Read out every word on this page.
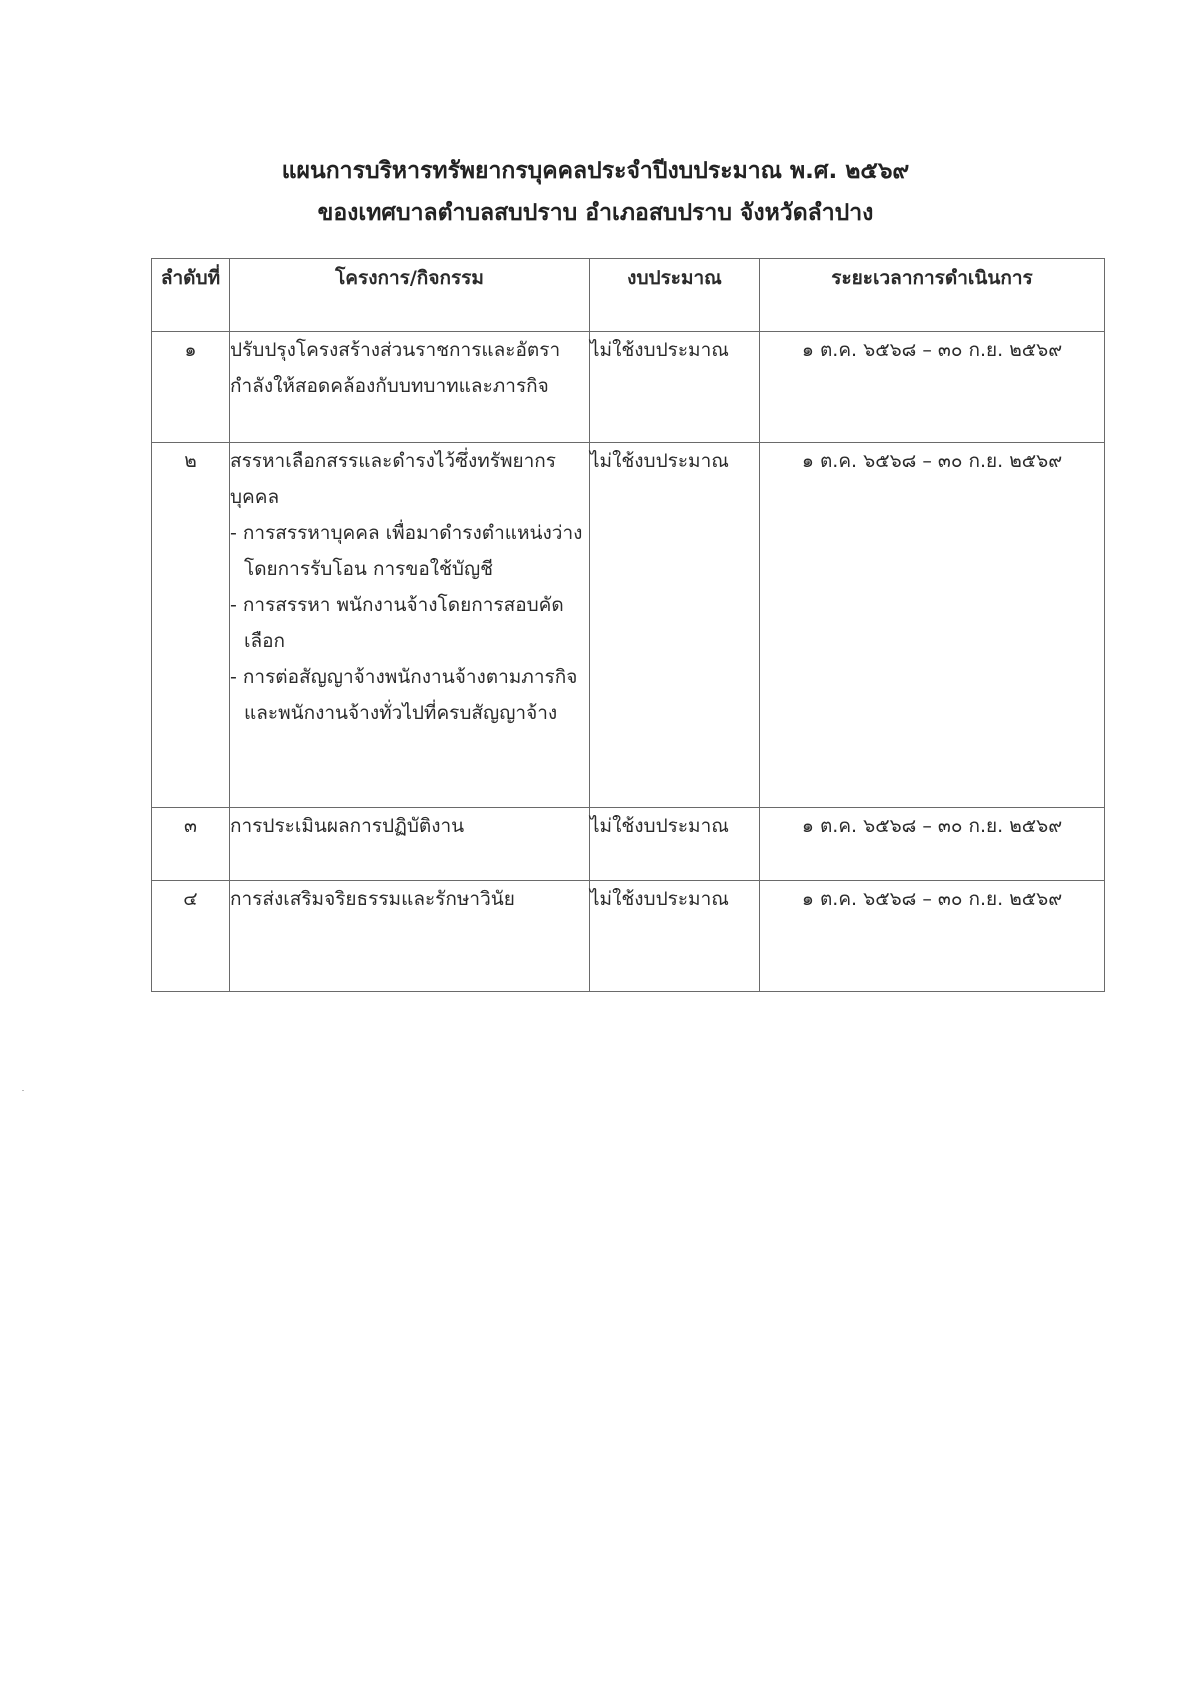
แผนการบริหารทรัพยากรบุคคลประจำปีงบประมาณ พ.ศ. ๒๕๖๙
ของเทศบาลตำบลสบปราบ อำเภอสบปราบ จังหวัดลำปาง
ลำดับที่	โครงการ/กิจกรรม	งบประมาณ	ระยะเวลาการดำเนินการ
๑	ปรับปรุงโครงสร้างส่วนราชการและอัตรากำลังให้สอดคล้องกับบทบาทและภารกิจ	ไม่ใช้งบประมาณ	๑ ต.ค. ๖๕๖๘ – ๓๐ ก.ย. ๒๕๖๙
๒	สรรหาเลือกสรรและดำรงไว้ซึ่งทรัพยากรบุคคล
- การสรรหาบุคคล เพื่อมาดำรงตำแหน่งว่าง โดยการรับโอน การขอใช้บัญชี
- การสรรหา พนักงานจ้างโดยการสอบคัดเลือก
- การต่อสัญญาจ้างพนักงานจ้างตามภารกิจ และพนักงานจ้างทั่วไปที่ครบสัญญาจ้าง	ไม่ใช้งบประมาณ	๑ ต.ค. ๖๕๖๘ – ๓๐ ก.ย. ๒๕๖๙
๓	การประเมินผลการปฏิบัติงาน	ไม่ใช้งบประมาณ	๑ ต.ค. ๖๕๖๘ – ๓๐ ก.ย. ๒๕๖๙
๔	การส่งเสริมจริยธรรมและรักษาวินัย	ไม่ใช้งบประมาณ	๑ ต.ค. ๖๕๖๘ – ๓๐ ก.ย. ๒๕๖๙
